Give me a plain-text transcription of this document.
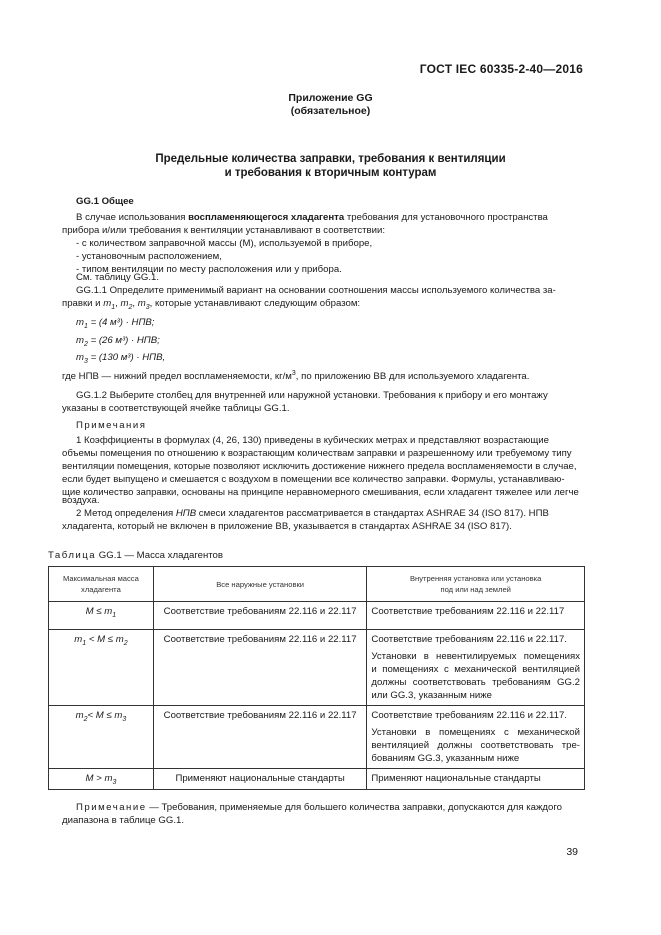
ГОСТ IEC 60335-2-40—2016
Приложение GG
(обязательное)
Предельные количества заправки, требования к вентиляции
и требования к вторичным контурам
GG.1 Общее
В случае использования воспламеняющегося хладагента требования для установочного пространства
прибора и/или требования к вентиляции устанавливают в соответствии:
- с количеством заправочной массы (M), используемой в приборе,
- установочным расположением,
- типом вентиляции по месту расположения или у прибора.
См. таблицу GG.1.
GG.1.1 Определите применимый вариант на основании соотношения массы используемого количества за-
правки и $m_1$, $m_2$, $m_3$, которые устанавливают следующим образом:
$m_1 = (4$ м³) · НПВ;
$m_2 = (26$ м³) · НПВ;
$m_3 = (130$ м³) · НПВ,
где НПВ — нижний предел воспламеняемости, $кг/м^3$, по приложению ВВ для используемого хладагента.
GG.1.2 Выберите столбец для внутренней или наружной установки. Требования к прибору и его монтажу
указаны в соответствующей ячейке таблицы GG.1.
Примечания
1 Коэффициенты в формулах (4, 26, 130) приведены в кубических метрах и представляют возрастающие
объемы помещения по отношению к возрастающим количествам заправки и разрешенному или требуемому типу
вентиляции помещения, которые позволяют исключить достижение нижнего предела воспламеняемости в случае,
если будет выпущено и смешается с воздухом в помещении все количество заправки. Формулы, устанавливаю-
щие количество заправки, основаны на принципе неравномерного смешивания, если хладагент тяжелее или легче
воздуха.
2 Метод определения НПВ смеси хладагентов рассматривается в стандартах ASHRAE 34 (ISO 817). НПВ
хладагента, который не включен в приложение ВВ, указывается в стандартах ASHRAE 34 (ISO 817).
Таблица GG.1 — Масса хладагентов
Максимальная масса
хладагента	Все наружные установки	Внутренняя установка или установка
под или над землей
$M \le m_1$	Соответствие требованиям 22.116 и 22.117	Соответствие требованиям 22.116 и 22.117
$m_1 < M \le m_2$	Соответствие требованиям 22.116 и 22.117	Соответствие требованиям 22.116 и 22.117.

Установки в невентилируемых помещениях

и помещениях с механической вентиляцией

должны соответствовать требованиям GG.2

или GG.3, указанным ниже

$m_2< M \le m_3$	Соответствие требованиям 22.116 и 22.117	Соответствие требованиям 22.116 и 22.117.

Установки в помещениях с механической

вентиляцией должны соответствовать тре-

бованиям GG.3, указанным ниже

$M > m_3$	Применяют национальные стандарты	Применяют национальные стандарты
Примечание — Требования, применяемые для большего количества заправки, допускаются для каждого
диапазона в таблице GG.1.
39
